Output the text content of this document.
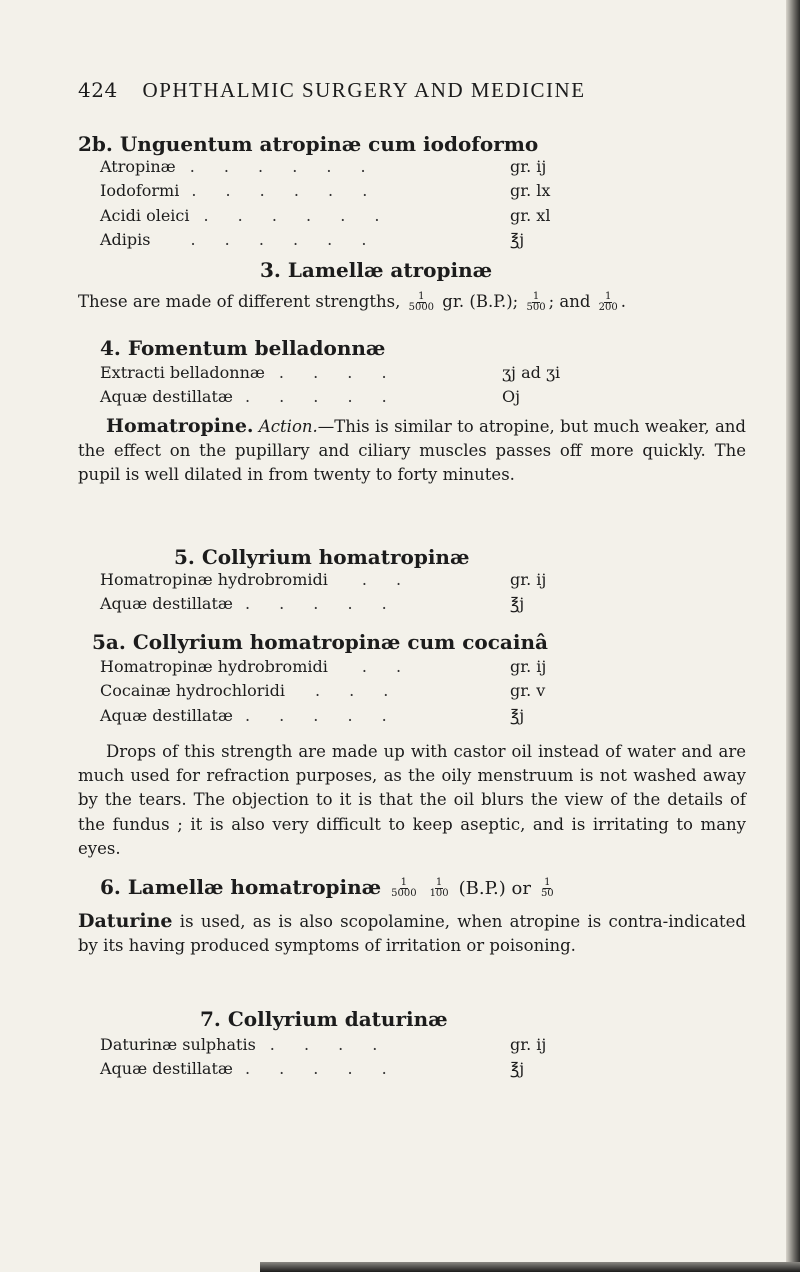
424 OPHTHALMIC SURGERY AND MEDICINE
2b. Unguentum atropinæ cum iodoformo
Atropinæ . . . . . .	gr. ij
Iodoformi . . . . . .	gr. lx
Acidi oleici . . . . . .	gr. xl
Adipis	. . . . . .	℥j
3. Lamellæ atropinæ
These are made of different strengths, $\frac{1}{5000}$ gr. (B.P.); $\frac{1}{500}$ ; and $\frac{1}{200}$ .
4. Fomentum belladonnæ
Extracti belladonnæ . . . .	ʒj ad ʒi
Aquæ destillatæ . . . . .	Oj
Homatropine. Action.—This is similar to atropine, but much weaker, and the effect on the pupillary and ciliary muscles passes off more quickly. The pupil is well dilated in from twenty to forty minutes.
5. Collyrium homatropinæ
Homatropinæ hydrobromidi . .	gr. ij
Aquæ destillatæ . . . . .	℥j
5a. Collyrium homatropinæ cum cocainâ
Homatropinæ hydrobromidi . .	gr. ij
Cocainæ hydrochloridi . . .	gr. v
Aquæ destillatæ . . . . .	℥j
Drops of this strength are made up with castor oil instead of water and are much used for refraction purposes, as the oily menstruum is not washed away by the tears. The objection to it is that the oil blurs the view of the details of the fundus ; it is also very difficult to keep aseptic, and is irritating to many eyes.
6. Lamellæ homatropinæ $\frac{1}{5000}$
$\frac{1}{100} (B.P.)$ or $\frac{1}{50}$
Daturine is used, as is also scopolamine, when atropine is contra-indicated by its having produced symptoms of irritation or poisoning.
7. Collyrium daturinæ
Daturinæ sulphatis . . . .	gr. ij
Aquæ destillatæ . . . . .	℥j
